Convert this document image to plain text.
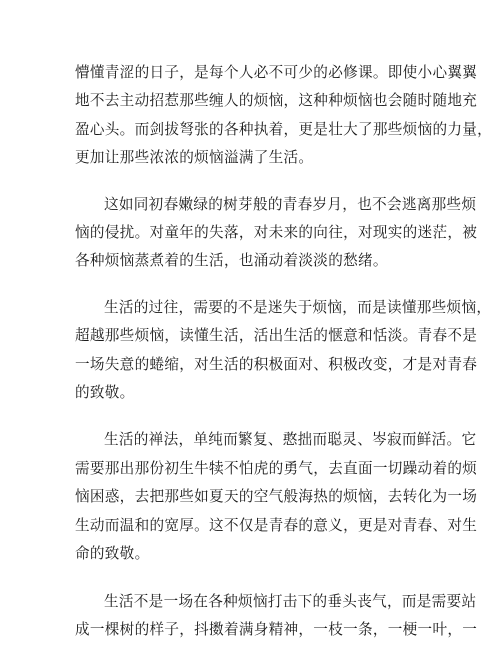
懵懂青涩的日子，是每个人必不可少的必修课。即使小心翼翼
地不去主动招惹那些缠人的烦恼，这种种烦恼也会随时随地充
盈心头。而剑拔弩张的各种执着，更是壮大了那些烦恼的力量，
更加让那些浓浓的烦恼溢满了生活。

这如同初春嫩绿的树芽般的青春岁月，也不会逃离那些烦
恼的侵扰。对童年的失落，对未来的向往，对现实的迷茫，被
各种烦恼蒸煮着的生活，也涌动着淡淡的愁绪。

生活的过往，需要的不是迷失于烦恼，而是读懂那些烦恼，
超越那些烦恼，读懂生活，活出生活的惬意和恬淡。青春不是
一场失意的蜷缩，对生活的积极面对、积极改变，才是对青春
的致敬。

生活的禅法，单纯而繁复、憨拙而聪灵、岑寂而鲜活。它
需要那出那份初生牛犊不怕虎的勇气，去直面一切躁动着的烦
恼困惑，去把那些如夏天的空气般海热的烦恼，去转化为一场
生动而温和的宽厚。这不仅是青春的意义，更是对青春、对生
命的致敬。

生活不是一场在各种烦恼打击下的垂头丧气，而是需要站
成一棵树的样子，抖擞着满身精神，一枝一条，一梗一叶，一
